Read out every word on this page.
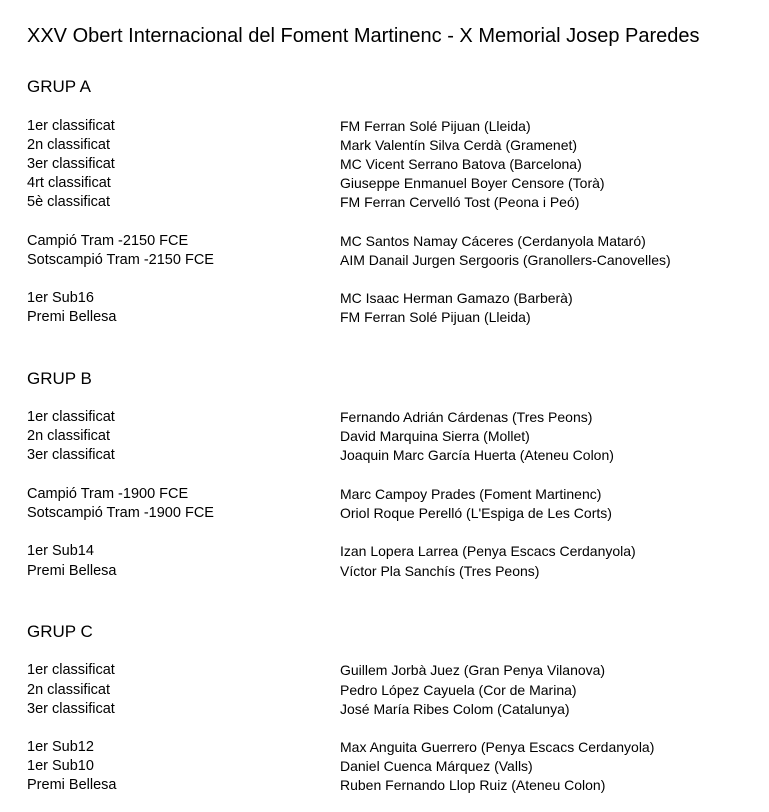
XXV Obert Internacional del Foment Martinenc - X Memorial Josep Paredes
GRUP A
1er classificat	FM Ferran Solé Pijuan (Lleida)
2n classificat	Mark Valentín Silva Cerdà (Gramenet)
3er classificat	MC Vicent Serrano Batova (Barcelona)
4rt classificat	Giuseppe Enmanuel Boyer Censore (Torà)
5è classificat	FM Ferran Cervelló Tost (Peona i Peó)
Campió Tram -2150 FCE	MC Santos Namay Cáceres (Cerdanyola Mataró)
Sotscampió Tram -2150 FCE	AIM Danail Jurgen Sergooris (Granollers-Canovelles)
1er Sub16	MC Isaac Herman Gamazo (Barberà)
Premi Bellesa	FM Ferran Solé Pijuan (Lleida)
GRUP B
1er classificat	Fernando Adrián Cárdenas (Tres Peons)
2n classificat	David Marquina Sierra (Mollet)
3er classificat	Joaquin Marc García Huerta (Ateneu Colon)
Campió Tram -1900 FCE	Marc Campoy Prades (Foment Martinenc)
Sotscampió Tram -1900 FCE	Oriol Roque Perelló (L'Espiga de Les Corts)
1er Sub14	Izan Lopera Larrea (Penya Escacs Cerdanyola)
Premi Bellesa	Víctor Pla Sanchís (Tres Peons)
GRUP C
1er classificat	Guillem Jorbà Juez (Gran Penya Vilanova)
2n classificat	Pedro López Cayuela (Cor de Marina)
3er classificat	José María Ribes Colom (Catalunya)
1er Sub12	Max Anguita Guerrero (Penya Escacs Cerdanyola)
1er Sub10	Daniel Cuenca Márquez (Valls)
Premi Bellesa	Ruben Fernando Llop Ruiz (Ateneu Colon)
